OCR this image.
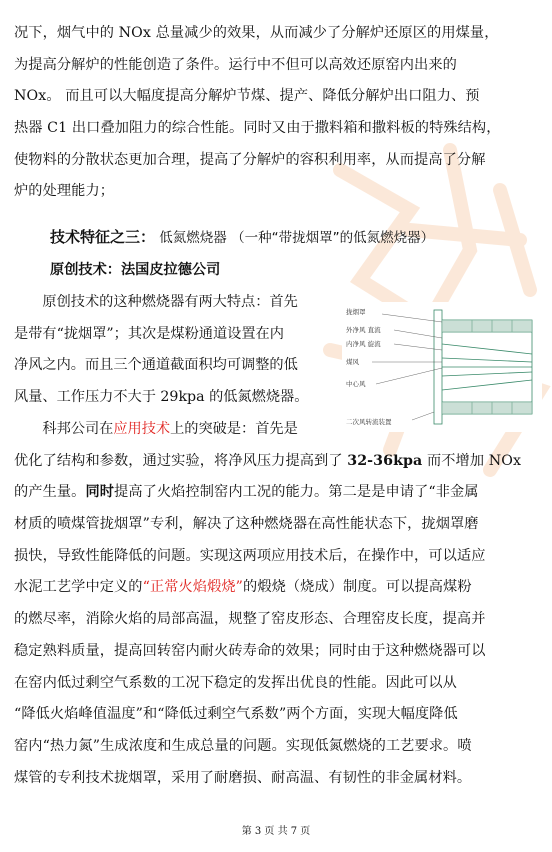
况下，烟气中的 NOx 总量减少的效果，从而减少了分解炉还原区的用煤量，
为提高分解炉的性能创造了条件。运行中不但可以高效还原窑内出来的
NOx。 而且可以大幅度提高分解炉节煤、提产、降低分解炉出口阻力、预
热器 C1 出口叠加阻力的综合性能。同时又由于撒料箱和撒料板的特殊结构，
使物料的分散状态更加合理，提高了分解炉的容积利用率，从而提高了分解
炉的处理能力；
技术特征之三： 低氮燃烧器 （一种“带拢烟罩”的低氮燃烧器）
原创技术：法国皮拉德公司
　　原创技术的这种燃烧器有两大特点：首先
是带有“拢烟罩”；其次是煤粉通道设置在内
净风之内。而且三个通道截面积均可调整的低
风量、工作压力不大于 29kpa 的低氮燃烧器。
拢烟罩
外净风 直流
内净风 旋流
煤风
中心风
二次风转流装置
　　科邦公司在应用技术上的突破是：首先是
优化了结构和参数，通过实验，将净风压力提高到了 32-36kpa 而不增加 NOx
的产生量。同时提高了火焰控制窑内工况的能力。第二是是申请了“非金属
材质的喷煤管拢烟罩”专利，解决了这种燃烧器在高性能状态下，拢烟罩磨
损快，导致性能降低的问题。实现这两项应用技术后，在操作中，可以适应
水泥工艺学中定义的“正常火焰煅烧”的煅烧（烧成）制度。可以提高煤粉
的燃尽率，消除火焰的局部高温，规整了窑皮形态、合理窑皮长度，提高并
稳定熟料质量，提高回转窑内耐火砖寿命的效果；同时由于这种燃烧器可以
在窑内低过剩空气系数的工况下稳定的发挥出优良的性能。因此可以从
“降低火焰峰值温度”和“降低过剩空气系数”两个方面，实现大幅度降低
窑内“热力氮”生成浓度和生成总量的问题。实现低氮燃烧的工艺要求。喷
煤管的专利技术拢烟罩，采用了耐磨损、耐高温、有韧性的非金属材料。
第 3 页 共 7 页
